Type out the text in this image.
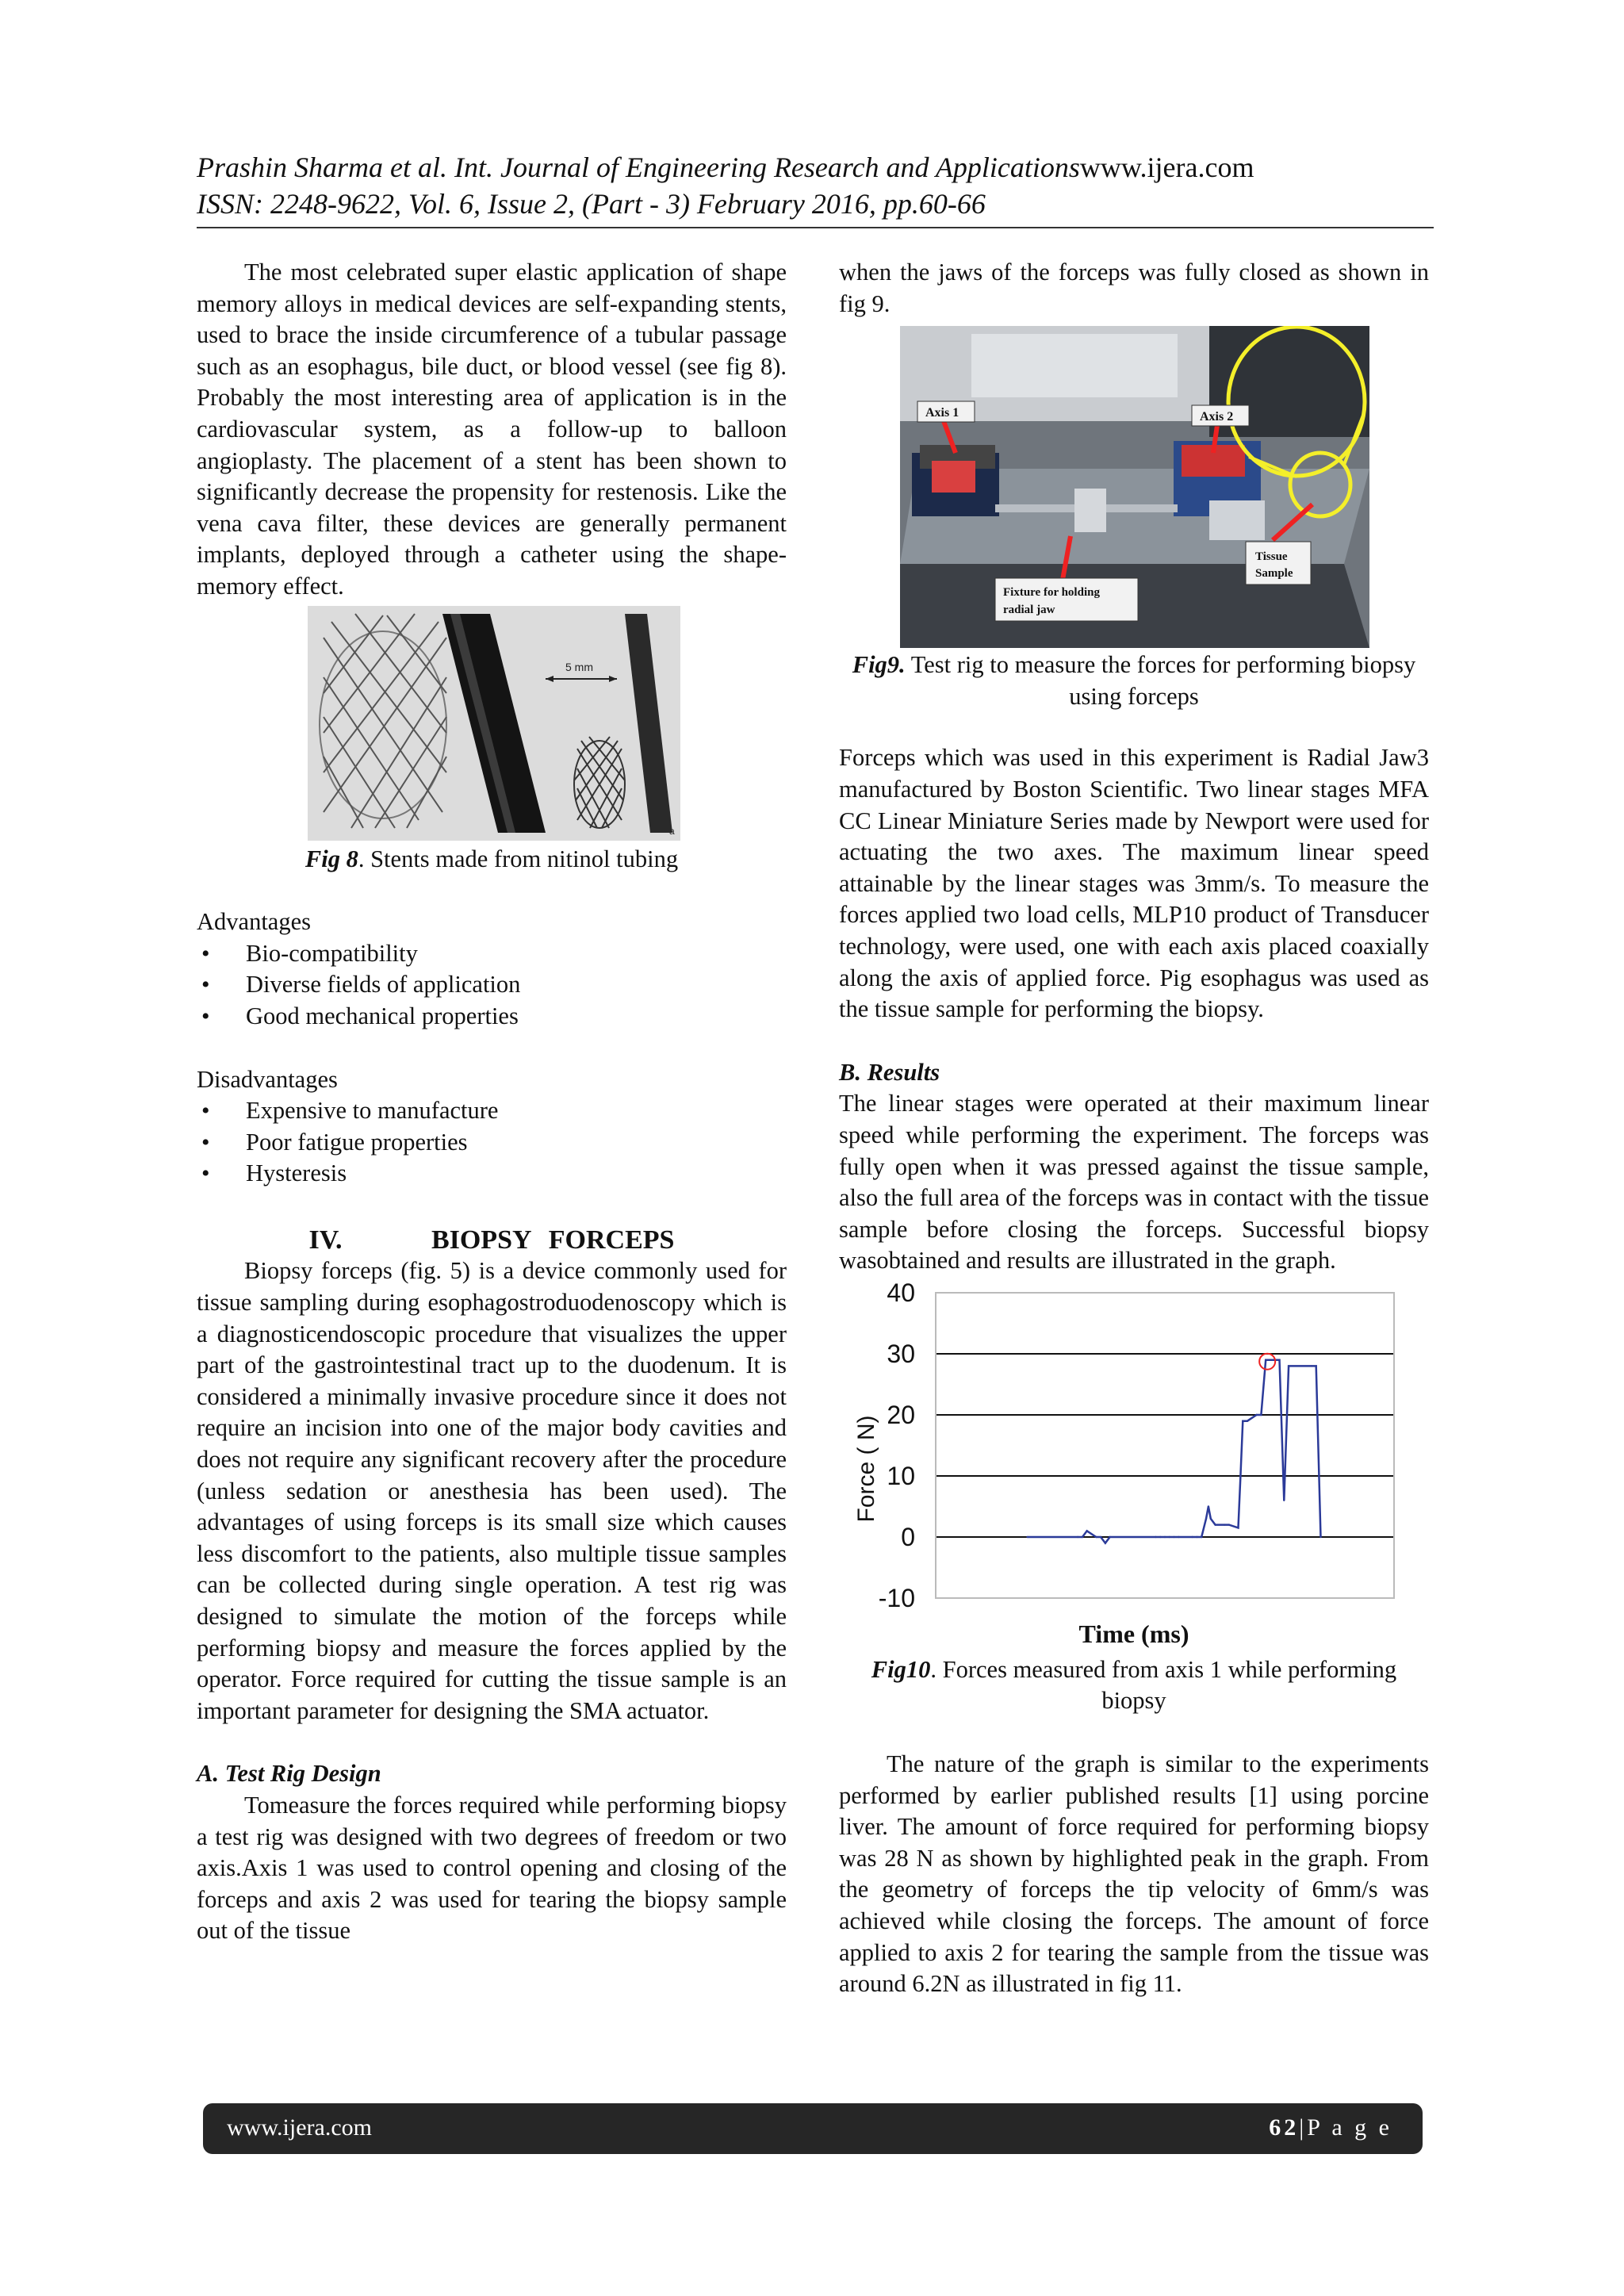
Prashin Sharma et al. Int. Journal of Engineering Research and Applicationswww.ijera.com
ISSN: 2248-9622, Vol. 6, Issue 2, (Part - 3) February 2016, pp.60-66

The most celebrated super elastic application of shape memory alloys in medical devices are self-expanding stents, used to brace the inside circumference of a tubular passage such as an esophagus, bile duct, or blood vessel (see fig 8). Probably the most interesting area of application is in the cardiovascular system, as a follow-up to balloon angioplasty. The placement of a stent has been shown to significantly decrease the propensity for restenosis. Like the vena cava filter, these devices are generally permanent implants, deployed through a catheter using the shape-memory effect.

5 mm
a

Fig 8. Stents made from nitinol tubing

Advantages

• Bio-compatibility
• Diverse fields of application
• Good mechanical properties

Disadvantages

• Expensive to manufacture
• Poor fatigue properties
• Hysteresis

IV.     BIOPSY FORCEPS

Biopsy forceps (fig. 5) is a device commonly used for tissue sampling during esophagostroduodenoscopy which is a diagnosticendoscopic procedure that visualizes the upper part of the gastrointestinal tract up to the duodenum. It is considered a minimally invasive procedure since it does not require an incision into one of the major body cavities and does not require any significant recovery after the procedure (unless sedation or anesthesia has been used). The advantages of using forceps is its small size which causes less discomfort to the patients, also multiple tissue samples can be collected during single operation. A test rig was designed to simulate the motion of the forceps while performing biopsy and measure the forces applied by the operator. Force required for cutting the tissue sample is an important parameter for designing the SMA actuator.

A. Test Rig Design

Tomeasure the forces required while performing biopsy a test rig was designed with two degrees of freedom or two axis.Axis 1 was used to control opening and closing of the forceps and axis 2 was used for tearing the biopsy sample out of the tissue

when the jaws of the forceps was fully closed as shown in fig 9.

Axis 1	Axis 2
Tissue
Sample
Fixture for holding
radial jaw

Fig9. Test rig to measure the forces for performing biopsy using forceps

Forceps which was used in this experiment is Radial Jaw3 manufactured by Boston Scientific. Two linear stages MFA CC Linear Miniature Series made by Newport were used for actuating the two axes. The maximum linear speed attainable by the linear stages was 3mm/s. To measure the forces applied two load cells, MLP10 product of Transducer technology, were used, one with each axis placed coaxially along the axis of applied force. Pig esophagus was used as the tissue sample for performing the biopsy.

B. Results

The linear stages were operated at their maximum linear speed while performing the experiment. The forceps was fully open when it was pressed against the tissue sample, also the full area of the forceps was in contact with the tissue sample before closing the forceps. Successful biopsy wasobtained and results are illustrated in the graph.

40
30
20
10
0
-10
Force ( N)
Time (ms)

Fig10. Forces measured from axis 1 while performing biopsy

The nature of the graph is similar to the experiments performed by earlier published results [1] using porcine liver. The amount of force required for performing biopsy was 28 N as shown by highlighted peak in the graph. From the geometry of forceps the tip velocity of 6mm/s was achieved while closing the forceps. The amount of force applied to axis 2 for tearing the sample from the tissue was around 6.2N as illustrated in fig 11.

www.ijera.com	62|P a g e
